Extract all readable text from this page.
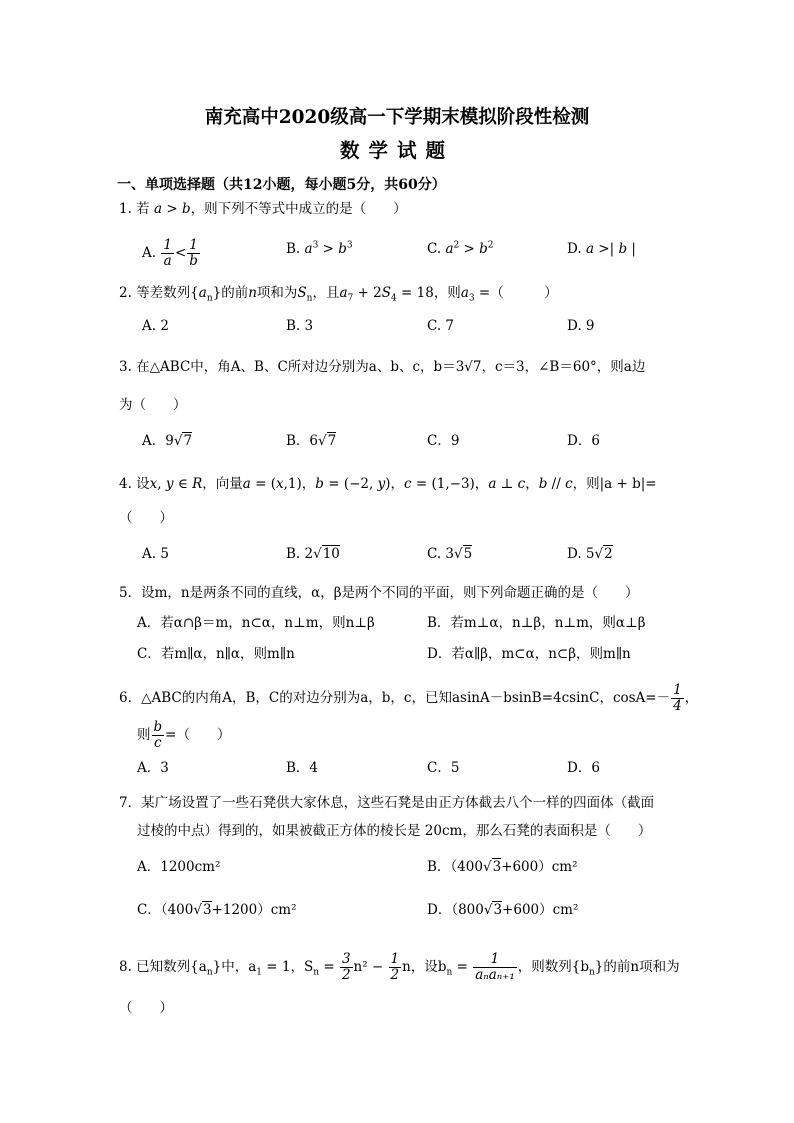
南充高中2020级高一下学期末模拟阶段性检测
数学试题
一、单项选择题（共12小题，每小题5分，共60分）
1. 若 a > b，则下列不等式中成立的是（　　）
A. $\frac{1}{a} < \frac{1}{b}$	B. $a^3 > b^3$	C. $a^2 > b^2$	D. a >| b |
2. 等差数列$\{a_n\}$的前n项和为$S_n$，且$a_7 + 2S_4 = 18$，则$a_3$ =（　　　）
A. 2	B. 3	C. 7	D. 9
3. 在△ABC中，角A、B、C所对边分别为a、b、c，b＝3√7，c＝3，∠B＝60°，则a边
为（　　）
A．9√7	B．6√7	C．9	D．6
4. 设x, y ∈ R，向量a = (x,1)，b = (−2, y)，c = (1,−3)，a ⊥ c，b // c，则|a + b|=
（　　）
A. 5	B. 2√10	C. 3√5	D. 5√2
5．设m，n是两条不同的直线，α，β是两个不同的平面，则下列命题正确的是（　　）
A．若α∩β＝m，n⊂α，n⊥m，则n⊥β	B．若m⊥α，n⊥β，n⊥m，则α⊥β
C．若m∥α，n∥α，则m∥n	D．若α∥β，m⊂α，n⊂β，则m∥n
6．△ABC的内角A，B，C的对边分别为a，b，c，已知asinA－bsinB=4csinC，$\cos A=- \frac{1}{4}$ ，
则 $\frac{b}{c}$ =（　　）
A．3	B．4	C．5	D．6
7．某广场设置了一些石凳供大家休息，这些石凳是由正方体截去八个一样的四面体（截面
过棱的中点）得到的，如果被截正方体的棱长是 20cm，那么石凳的表面积是（　　）
A．1200cm²	B．（400√3+600）cm²
C．（400√3+1200）cm²	D．（800√3+600）cm²
8. 已知数列$\{a_n\}$中，$a_1 = 1$，$S_n = \frac{3}{2} n^2 - \frac{1}{2}$ n，设$b_n = \frac{1}{\text{aₙaₙ₊₁}}$ ，则数列$\{b_n\}$的前n项和为
（　　）
